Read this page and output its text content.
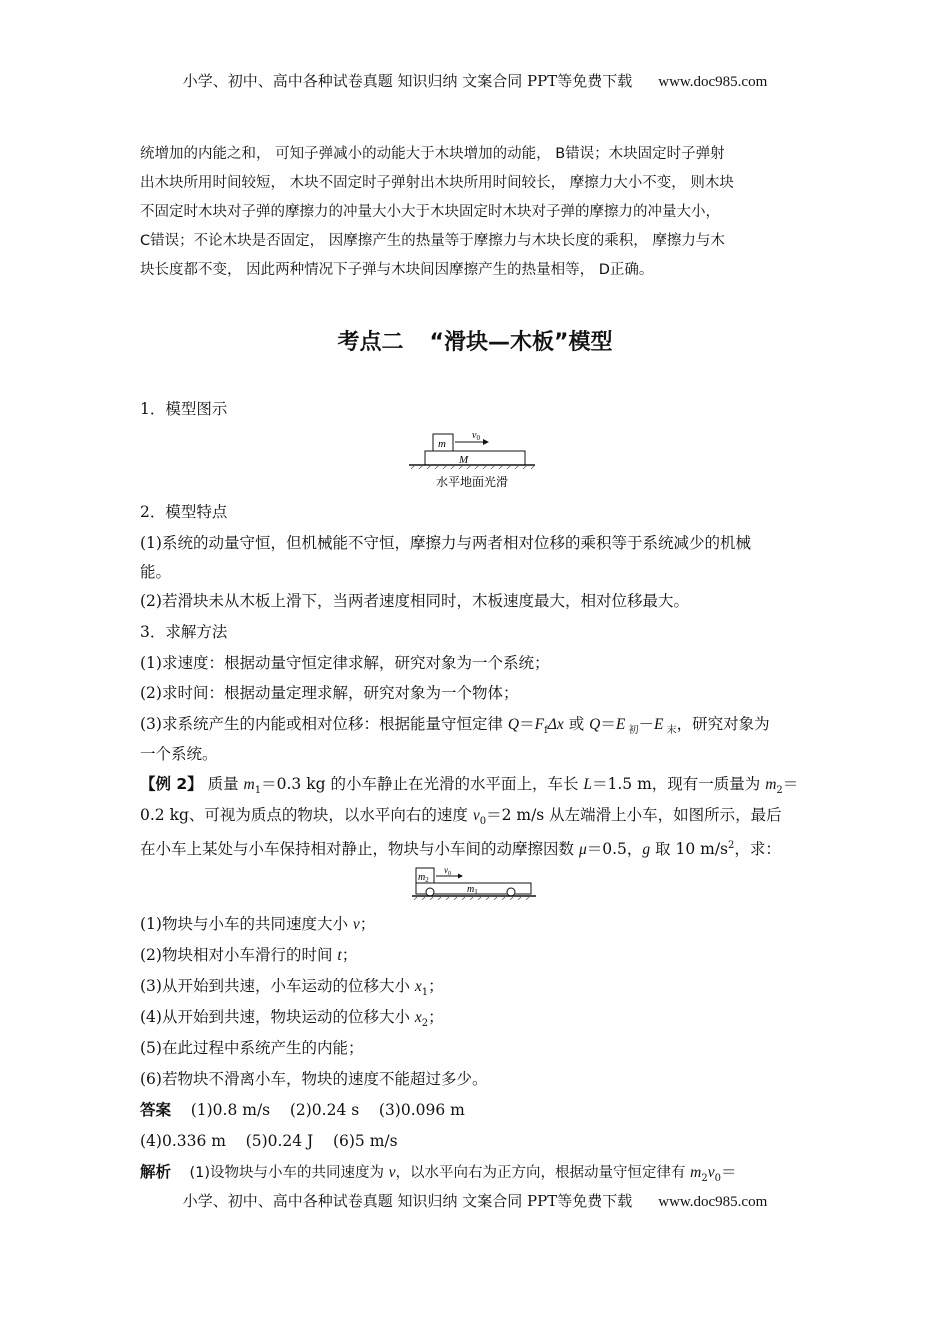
小学、初中、高中各种试卷真题 知识归纳 文案合同 PPT等免费下载 www.doc985.com
统增加的内能之和， 可知子弹减小的动能大于木块增加的动能， B错误；木块固定时子弹射
出木块所用时间较短， 木块不固定时子弹射出木块所用时间较长， 摩擦力大小不变， 则木块
不固定时木块对子弹的摩擦力的冲量大小大于木块固定时木块对子弹的摩擦力的冲量大小，
C错误；不论木块是否固定， 因摩擦产生的热量等于摩擦力与木块长度的乘积， 摩擦力与木
块长度都不变， 因此两种情况下子弹与木块间因摩擦产生的热量相等， D正确。
考点二 “滑块—木板”模型
1．模型图示
m
$v_0$
M
水平地面光滑
2．模型特点
(1)系统的动量守恒，但机械能不守恒，摩擦力与两者相对位移的乘积等于系统减少的机械
能。
(2)若滑块未从木板上滑下，当两者速度相同时，木板速度最大，相对位移最大。
3．求解方法
(1)求速度：根据动量守恒定律求解，研究对象为一个系统；
(2)求时间：根据动量定理求解，研究对象为一个物体；
(3)求系统产生的内能或相对位移：根据能量守恒定律 $Q=F_f\Delta x$ 或 Q＝E $_初$－E $_末$，研究对象为
一个系统。
【例 2】 质量 $m_1=0.3$ kg 的小车静止在光滑的水平面上，车长 L＝1.5 m，现有一质量为 $m_2=$
0.2 kg、可视为质点的物块，以水平向右的速度 $v_0=2$ m/s 从左端滑上小车，如图所示，最后
在小车上某处与小车保持相对静止，物块与小车间的动摩擦因数 μ＝0.5，g 取 10 $m/s^2$，求：
$m_2$
$v_0$
$m_1$
(1)物块与小车的共同速度大小 v；
(2)物块相对小车滑行的时间 t；
(3)从开始到共速，小车运动的位移大小 $x_1$；
(4)从开始到共速，物块运动的位移大小 $x_2$；
(5)在此过程中系统产生的内能；
(6)若物块不滑离小车，物块的速度不能超过多少。
答案    (1)0.8 m/s    (2)0.24 s    (3)0.096 m
(4)0.336 m    (5)0.24 J    (6)5 m/s
解析    (1)设物块与小车的共同速度为 v，以水平向右为正方向，根据动量守恒定律有 $m_2v_0=$
小学、初中、高中各种试卷真题 知识归纳 文案合同 PPT等免费下载 www.doc985.com
